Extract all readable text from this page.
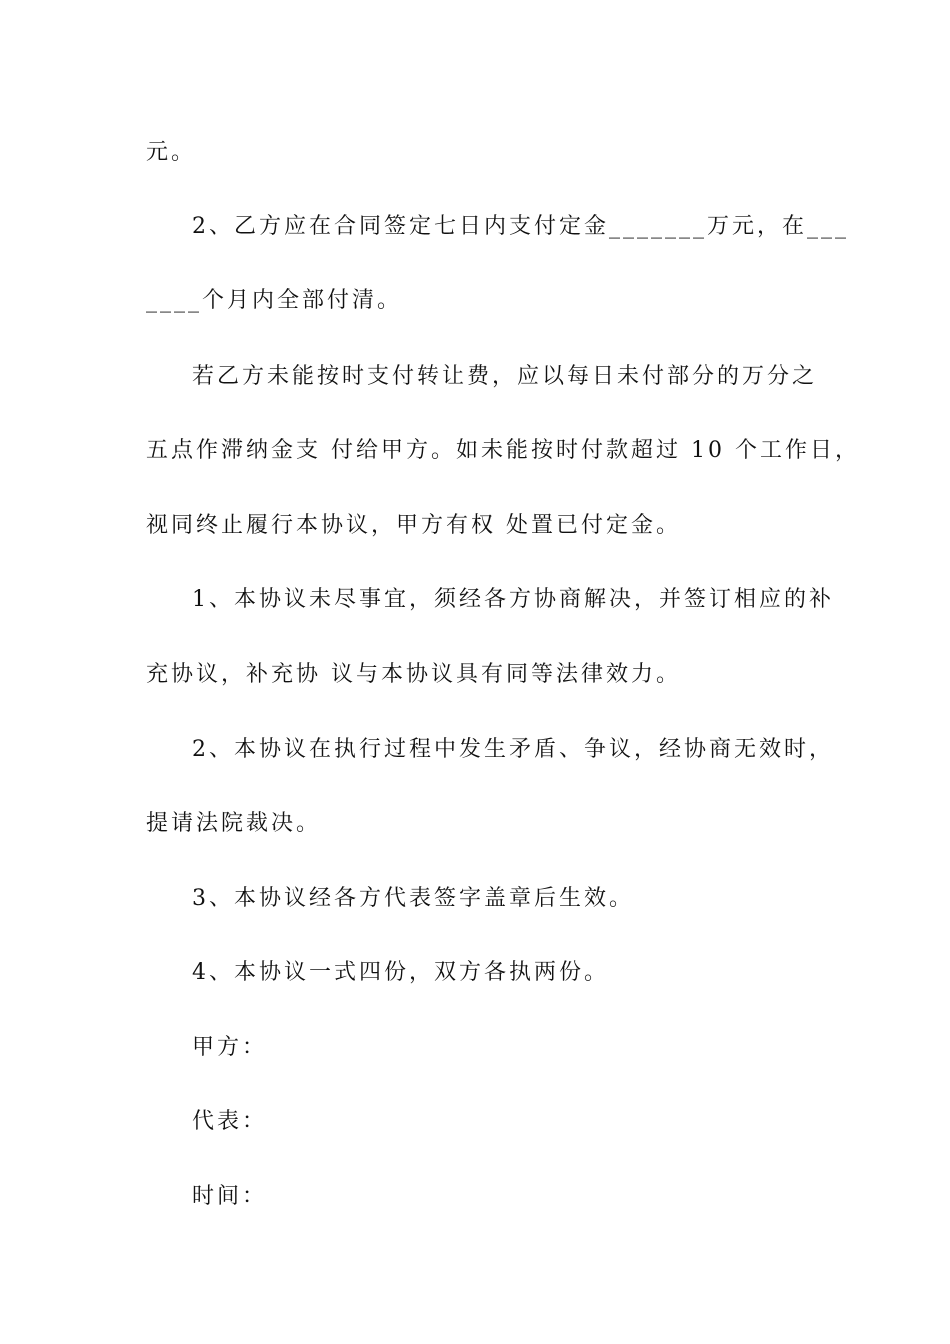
元。
2、乙方应在合同签定七日内支付定金_______万元，在___
____个月内全部付清。
若乙方未能按时支付转让费，应以每日未付部分的万分之
五点作滞纳金支 付给甲方。如未能按时付款超过 10 个工作日，
视同终止履行本协议，甲方有权 处置已付定金。
1、本协议未尽事宜，须经各方协商解决，并签订相应的补
充协议，补充协 议与本协议具有同等法律效力。
2、本协议在执行过程中发生矛盾、争议，经协商无效时，
提请法院裁决。
3、本协议经各方代表签字盖章后生效。
4、本协议一式四份，双方各执两份。
甲方：
代表：
时间：
